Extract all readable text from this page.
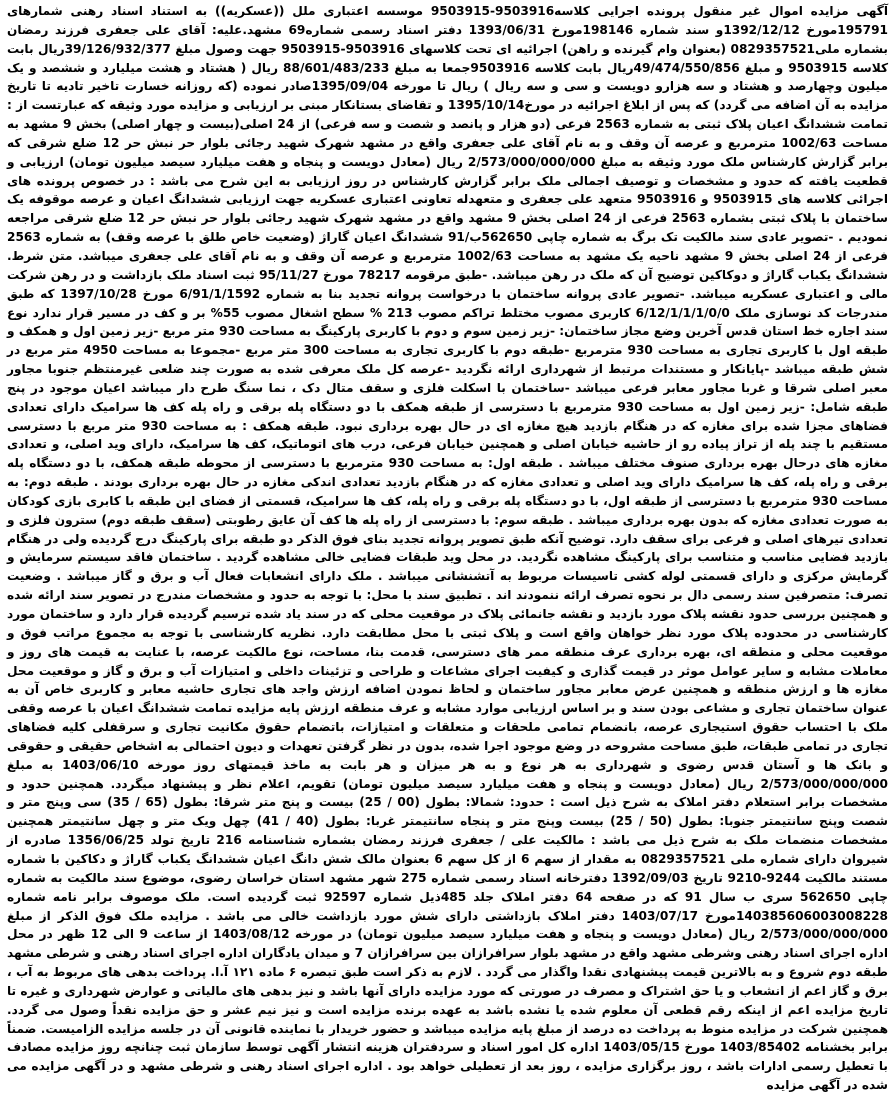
آگهی مزایده اموال غیر منقول پرونده اجرایی کلاسه9503916-9503915 موسسه اعتباری ملل ((عسکریه)) به استناد اسناد رهنی شمارهای 195791مورخ 1392/12/12و سند شماره 198146مورخ 1393/06/31 دفتر اسناد رسمی شماره69 مشهد.علیه: آقای علی جعفری فرزند رمضان بشماره ملی0829357521 (بعنوان وام گیرنده و راهن) اجرائیه ای تحت کلاسهای 9503916-9503915 جهت وصول مبلغ 39/126/932/377ریال بابت کلاسه 9503915 و مبلغ 49/474/550/856ریال بابت کلاسه 9503916جمعا به مبلغ 88/601/483/233 ریال ( هشتاد و هشت میلیارد و ششصد و یک میلیون وچهارصد و هشتاد و سه هزارو دویست و سی و سه ریال ) ریال تا مورخه 1395/09/04صادر نموده (که روزانه خسارت تاخیر تادیه تا تاریخ مزایده به آن اضافه می گردد) که پس از ابلاغ اجرائیه در مورخ1395/10/14 و تقاضای بستانکار مبنی بر ارزیابی و مزایده مورد وثیقه که عبارتست از : تمامت ششدانگ اعیان پلاک ثبتی به شماره 2563 فرعی (دو هزار و پانصد و شصت و سه فرعی) از 24 اصلی(بیست و چهار اصلی) بخش 9 مشهد به مساحت 1002/63 مترمربع و عرصه آن وقف و به نام آقای علی جعفری واقع در مشهد شهرک شهید رجائی بلوار حر نبش حر 12 ضلع شرقی که برابر گزارش کارشناس ملک مورد وثیقه به مبلغ 2/573/000/000/000 ریال (معادل دویست و پنجاه و هفت میلیارد سیصد میلیون تومان) ارزیابی و قطعیت یافته که حدود و مشخصات و توصیف اجمالی ملک برابر گزارش کارشناس در روز ارزیابی به این شرح می باشد : در خصوص پرونده های اجرائی کلاسه های 9503915 و 9503916 متعهد علی جعفری و متعهدله تعاونی اعتباری عسکریه جهت ارزیابی ششدانگ اعیان و عرصه موقوفه یک ساختمان با پلاک ثبتی بشماره 2563 فرعی از 24 اصلی بخش 9 مشهد واقع در مشهد شهرک شهید رجائی بلوار حر نبش حر 12 ضلع شرقی مراجعه نمودیم . -تصویر عادی سند مالکیت تک برگ به شماره چاپی 562650ب/91 ششدانگ اعیان گاراژ (وضعیت خاص طلق با عرصه وقف) به شماره 2563 فرعی از 24 اصلی بخش 9 مشهد ناحیه یک مشهد به مساحت 1002/63 مترمربع و عرصه آن وقف و به نام آقای علی جعفری میباشد. متن شرط. ششدانگ یکباب گاراژ و دوکاکین توضیح آن که ملک در رهن میباشد. -طبق مرقومه 78217 مورخ 95/11/27 ثبت اسناد ملک بازداشت و در رهن شرکت مالی و اعتباری عسکریه میباشد. -تصویر عادی پروانه ساختمان با درخواست پروانه تجدید بنا به شماره 6/91/1/1592 مورخ 1397/10/28 که طبق مندرجات کد نوسازی ملک 6/12/1/1/1/0/0 کاربری مصوب مختلط تراکم مصوب 213 % سطح اشغال مصوب 55% بر و کف در مسیر قرار ندارد نوع سند اجاره خط استان قدس آخرین وضع مجاز ساختمان: -زیر زمین سوم و دوم با کاربری پارکینگ به مساحت 930 متر مربع -زیر زمین اول و همکف و طبقه اول با کاربری تجاری به مساحت 930 مترمربع -طبقه دوم با کاربری تجاری به مساحت 300 متر مربع -مجموعا به مساحت 4950 متر مربع در شش طبقه میباشد -پایانکار و مستندات مرتبط از شهرداری ارائه نگردید -عرصه کل ملک معرفی شده به صورت چند ضلعی غیرمنتظم جنوبا مجاور معبر اصلی شرقا و غربا مجاور معابر فرعی میباشد -ساختمان با اسکلت فلزی و سقف متال دک ، نما سنگ طرح دار میباشد اعیان موجود در پنج طبقه شامل: -زیر زمین اول به مساحت 930 مترمربع با دسترسی از طبقه همکف با دو دستگاه پله برقی و راه پله کف ها سرامیک دارای تعدادی فضاهای مجزا شده برای مغازه که در هنگام بازدید هیچ مغازه ای در حال بهره برداری نبود. طبقه همکف : به مساحت 930 متر مربع با دسترسی مستقیم با چند پله از تراز پیاده رو از حاشیه خیابان اصلی و همچنین خیابان فرعی، درب های اتوماتیک، کف ها سرامیک، دارای وید اصلی، و تعدادی مغازه های درحال بهره برداری صنوف مختلف میباشد . طبقه اول: به مساحت 930 مترمربع با دسترسی از محوطه طبقه همکف، با دو دستگاه پله برقی و راه پله، کف ها سرامیک دارای وید اصلی و تعدادی مغازه که در هنگام بازدید تعدادی اندکی مغازه در حال بهره برداری بودند . طبقه دوم: به مساحت 930 مترمربع با دسترسی از طبقه اول، با دو دستگاه پله برقی و راه پله، کف ها سرامیک، قسمتی از فضای این طبقه با کابری بازی کودکان به صورت تعدادی مغازه که بدون بهره برداری میباشد . طبقه سوم: با دسترسی از راه پله ها کف آن عایق رطوبتی (سقف طبقه دوم) سترون فلزی و تعدادی تیرهای اصلی و فرعی برای سقف دارد. توضیح آنکه طبق تصویر پروانه تجدید بنای فوق الذکر دو طبقه برای پارکینگ درج گردیده ولی در هنگام بازدید فضایی مناسب و متناسب برای پارکینگ مشاهده نگردید. در محل وید طبقات فضایی خالی مشاهده گردید . ساختمان فاقد سیستم سرمایش و گرمایش مرکزی و دارای قسمتی لوله کشی تاسیسات مربوط به آتشنشانی میباشد . ملک دارای انشعابات فعال آب و برق و گاز میباشد . وضعیت تصرف: متصرفین سند رسمی دال بر نحوه تصرف ارائه ننمودند اند . تطبیق سند با محل: با توجه به حدود و مشخصات مندرج در تصویر سند ارائه شده و همچنین بررسی حدود نقشه پلاک مورد بازدید و نقشه جانمائی پلاک در موقعیت محلی که در سند یاد شده ترسیم گردیده قرار دارد و ساختمان مورد کارشناسی در محدوده پلاک مورد نظر خواهان واقع است و پلاک ثبتی با محل مطابقت دارد. نظریه کارشناسی با توجه به مجموع مراتب فوق و موقعیت محلی و منطقه ای، بهره برداری عرف منطقه ممر های دسترسی، قدمت بنا، مساحت، نوع مالکیت عرصه، با عنایت به قیمت های روز و معاملات مشابه و سایر عوامل موثر در قیمت گذاری و کیفیت اجرای مشاعات و طراحی و تزئینات داخلی و امتیازات آب و برق و گاز و موقعیت محل مغازه ها و ارزش منطقه و همچنین عرض معابر مجاور ساختمان و لحاظ نمودن اضافه ارزش واجد های تجاری حاشیه معابر و کاربری خاص آن به عنوان ساختمان تجاری و مشاعی بودن سند و بر اساس ارزیابی موارد مشابه و عرف منطقه ارزش پایه مزایده تمامت ششدانگ اعیان با عرصه وقفی ملک با احتساب حقوق استیجاری عرصه، بانضمام تمامی ملحقات و متعلقات و امتیازات، باتضمام حقوق مکانیت تجاری و سرقفلی کلیه فضاهای تجاری در تمامی طبقات، طبق مساحت مشروحه در وضع موجود اجرا شده، بدون در نظر گرفتن تعهدات و دیون احتمالی به اشخاص حقیقی و حقوقی و بانک ها و آستان قدس رضوی و شهرداری به هر نوع و به هر میزان و هر بابت به ماخذ قیمتهای روز مورخه 1403/06/10 به مبلغ 2/573/000/000/000 ریال (معادل دویست و پنجاه و هفت میلیارد سیصد میلیون تومان) تقویم، اعلام نظر و پیشنهاد میگردد. همچنین حدود و مشخصات برابر استعلام دفتر املاک به شرح ذیل است : حدود: شمالا: بطول (00 / 25) بیست و پنج متر شرقا: بطول (65 / 35) سی وپنج متر و شصت وپنج سانتیمتر جنوبا: بطول (50 / 25) بیست وپنج متر و پنجاه سانتیمتر غربا: بطول (40 / 41) چهل ویک متر و چهل سانتیمتر همچنین مشخصات منضمات ملک به شرح ذیل می باشد : مالکیت علی / جعفری فرزند رمضان بشماره شناسنامه 216 تاریخ تولد 1356/06/25 صادره از شیروان دارای شماره ملی 0829357521 به مقدار از سهم 6 از کل سهم 6 بعنوان مالک شش دانگ اعیان ششدانگ یکباب گاراژ و دکاکین با شماره مستند مالکیت 9244-9210 تاریخ 1392/09/03 دفترخانه اسناد رسمی شماره 275 شهر مشهد استان خراسان رضوی، موضوع سند مالکیت به شماره چاپی 562650 سری ب سال 91 که در صفحه 64 دفتر املاک جلد 485ذیل شماره 92597 ثبت گردیده است. ملک موصوف برابر نامه شماره 140385606003008228مورخ 1403/07/17 دفتر املاک بازداشتی دارای شش مورد بازداشت خالی می باشد . مزایده ملک فوق الذکر از مبلغ 2/573/000/000/000 ریال (معادل دویست و پنجاه و هفت میلیارد سیصد میلیون تومان) در مورخه 1403/08/12 از ساعت 9 الی 12 ظهر در محل اداره اجرای اسناد رهنی وشرطی مشهد واقع در مشهد بلوار سرافرازان بین سرافرازان 7 و میدان یادگاران اداره اجرای اسناد رهنی و شرطی مشهد طبقه دوم شروع و به بالاترین قیمت پیشنهادی نقدا واگذار می گردد . لازم به ذکر است طبق تبصره ۶ ماده ۱۲۱ آ.ا. پرداخت بدهی های مربوط به آب ، برق و گاز اعم از انشعاب و یا حق اشتراک و مصرف در صورتی که مورد مزایده دارای آنها باشد و نیز بدهی های مالیاتی و عوارض شهرداری و غیره تا تاریخ مزایده اعم از اینکه رقم قطعی آن معلوم شده یا نشده باشد به عهده برنده مزایده است و نیز نیم عشر و حق مزایده نقداً وصول می گردد. همچنین شرکت در مزایده منوط به پرداخت ده درصد از مبلغ پایه مزایده میباشد و حضور خریدار با نماینده قانونی آن در جلسه مزایده الزامیست. ضمناً برابر بخشنامه 1403/85402 مورخ 1403/05/15 اداره کل امور اسناد و سردفتران هزینه انتشار آگهی توسط سازمان ثبت چنانچه روز مزایده مصادف با تعطیل رسمی ادارات باشد ، روز برگزاری مزایده ، روز بعد از تعطیلی خواهد بود . اداره اجرای اسناد رهنی و شرطی مشهد و در آگهی مزایده می شده در آگهی مزایده
